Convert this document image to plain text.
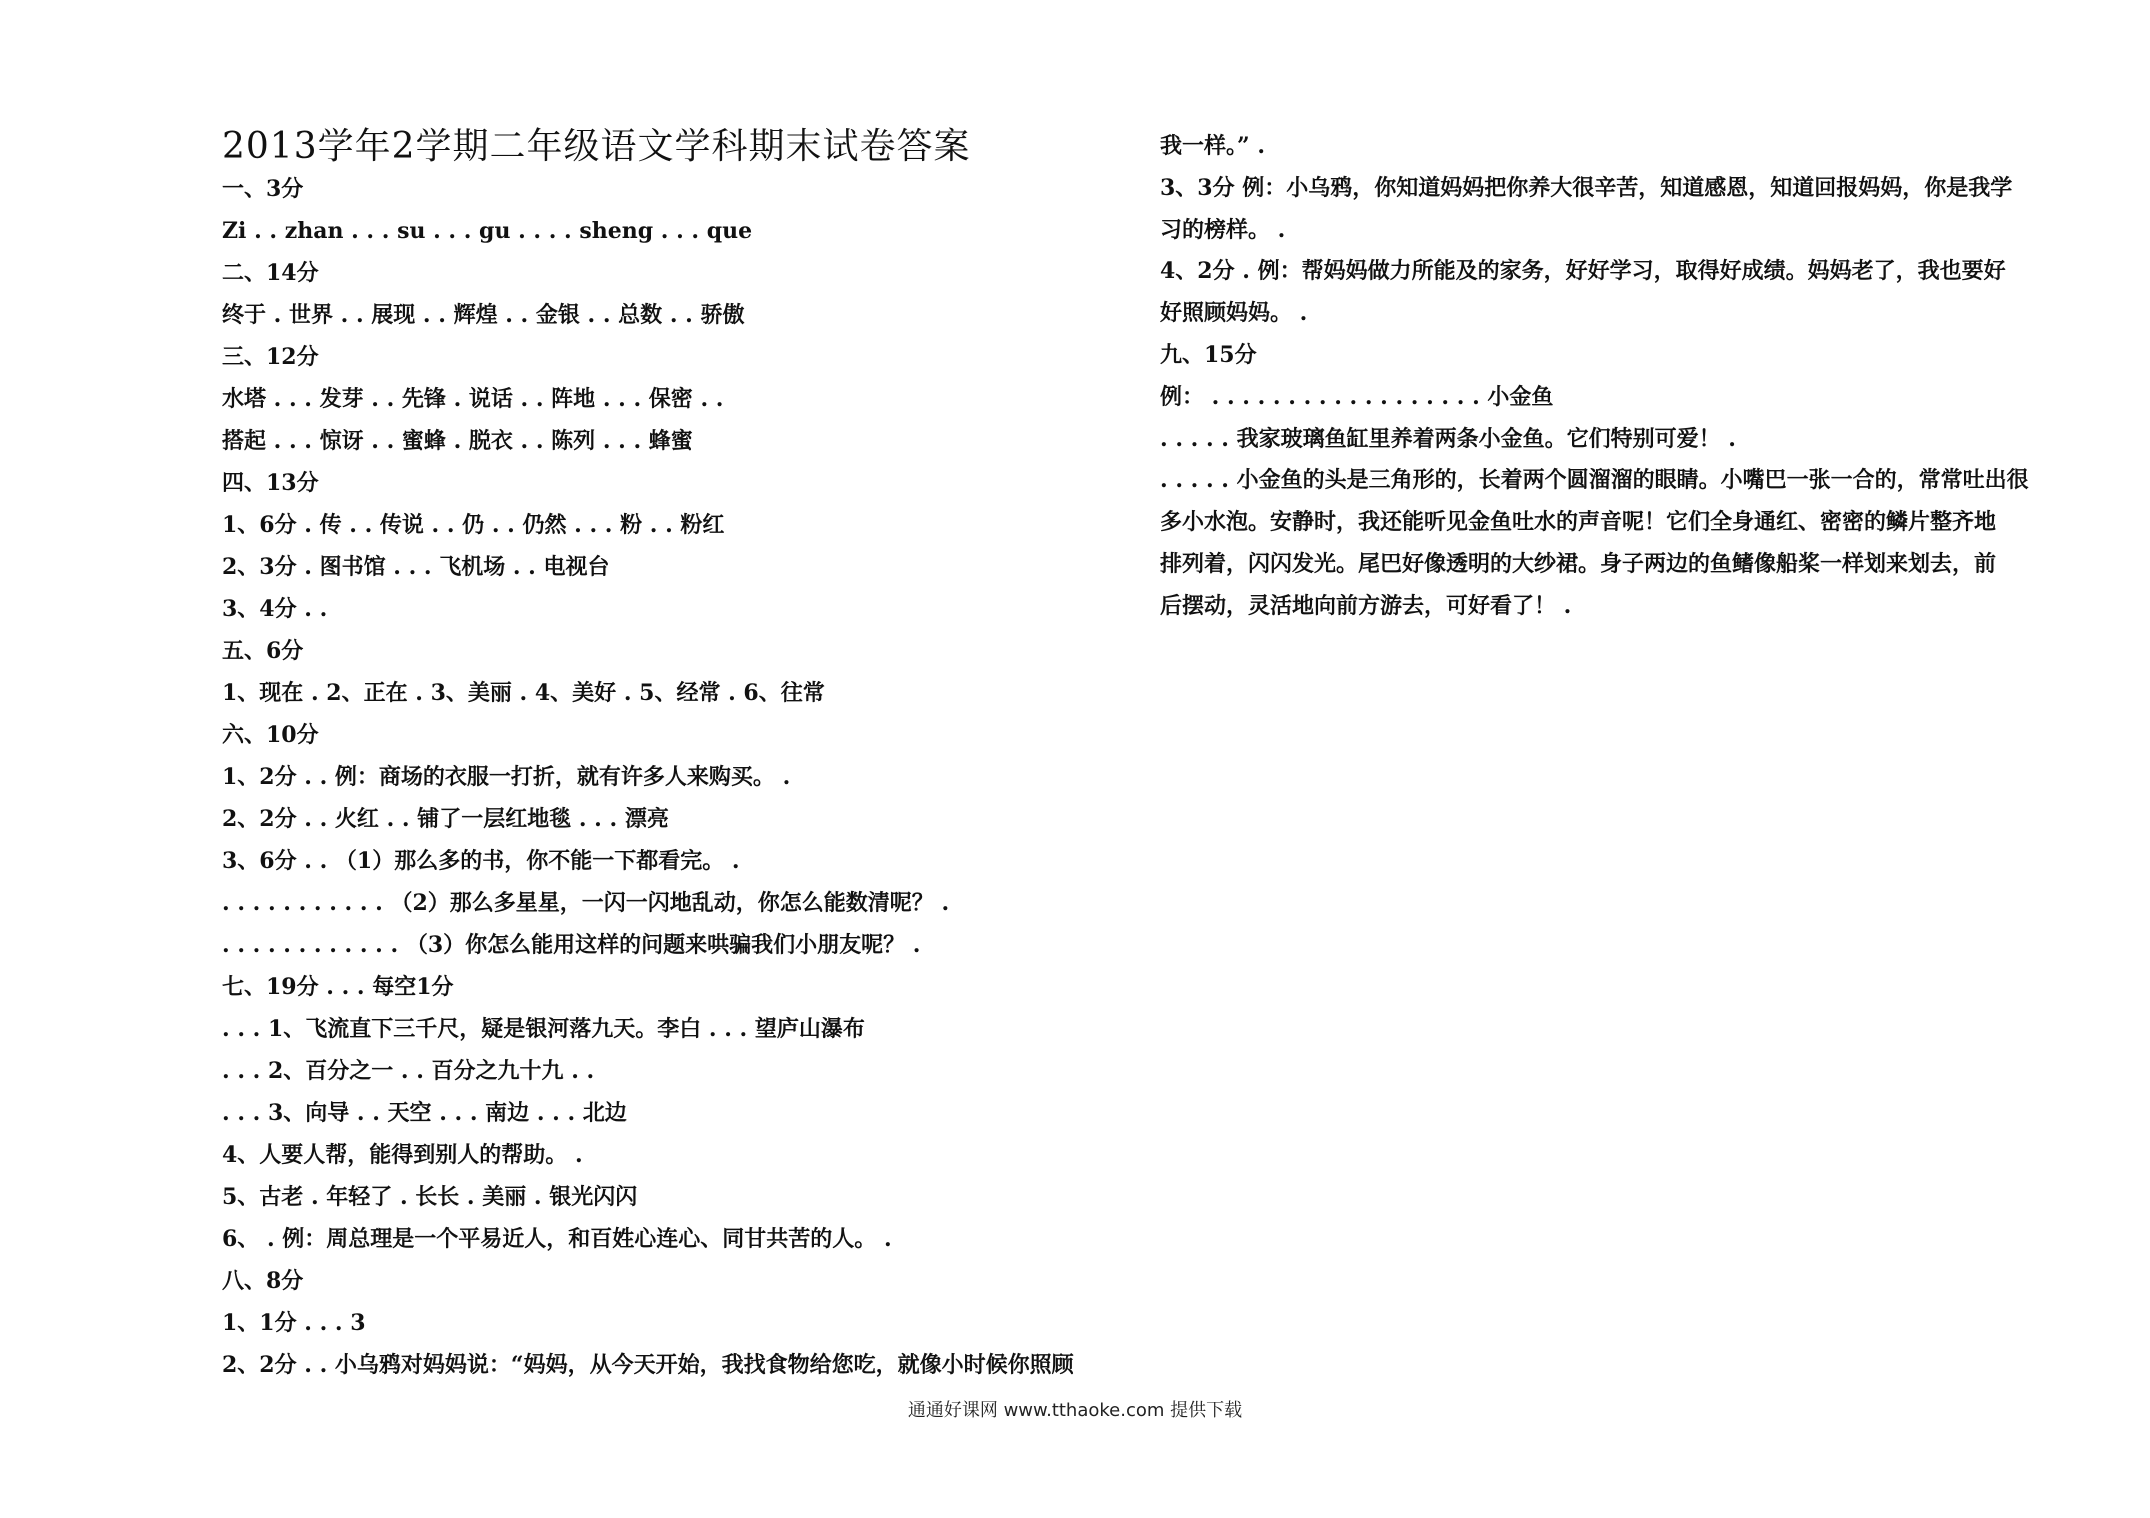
2013学年2学期二年级语文学科期末试卷答案
一、3分
Zi . . zhan . . . su . . . gu . . . . sheng . . . que
二、14分
终于 . 世界 . . 展现 . . 辉煌 . . 金银 . . 总数 . . 骄傲
三、12分
水塔 . . . 发芽 . . 先锋 . 说话 . . 阵地 . . . 保密 . .
搭起 . . . 惊讶 . . 蜜蜂 . 脱衣 . . 陈列 . . . 蜂蜜
四、13分
1、6分 . 传 . . 传说 . . 仍 . . 仍然 . . . 粉 . . 粉红
2、3分 . 图书馆 . . . 飞机场 . . 电视台
3、4分 . .
五、6分
1、现在 . 2、正在 . 3、美丽 . 4、美好 . 5、经常 . 6、往常
六、10分
1、2分 . . 例：商场的衣服一打折，就有许多人来购买。 .
2、2分 . . 火红 . . 铺了一层红地毯 . . . 漂亮
3、6分 . . （1）那么多的书，你不能一下都看完。 .
. . . . . . . . . . . （2）那么多星星，一闪一闪地乱动，你怎么能数清呢？ .
. . . . . . . . . . . . （3）你怎么能用这样的问题来哄骗我们小朋友呢？ .
七、19分 . . . 每空1分
. . . 1、飞流直下三千尺，疑是银河落九天。李白 . . . 望庐山瀑布
. . . 2、百分之一 . . 百分之九十九 . .
. . . 3、向导 . . 天空 . . . 南边 . . . 北边
4、人要人帮，能得到别人的帮助。 .
5、古老 . 年轻了 . 长长 . 美丽 . 银光闪闪
6、 . 例：周总理是一个平易近人，和百姓心连心、同甘共苦的人。 .
八、8分
1、1分 . . . 3
2、2分 . . 小乌鸦对妈妈说：“妈妈，从今天开始，我找食物给您吃，就像小时候你照顾
我一样。” .
3、3分 例：小乌鸦，你知道妈妈把你养大很辛苦，知道感恩，知道回报妈妈，你是我学
习的榜样。 .
4、2分 . 例：帮妈妈做力所能及的家务，好好学习，取得好成绩。妈妈老了，我也要好
好照顾妈妈。 .
九、15分
例： . . . . . . . . . . . . . . . . . . 小金鱼
. . . . . 我家玻璃鱼缸里养着两条小金鱼。它们特别可爱！ .
. . . . . 小金鱼的头是三角形的，长着两个圆溜溜的眼睛。小嘴巴一张一合的，常常吐出很
多小水泡。安静时，我还能听见金鱼吐水的声音呢！它们全身通红、密密的鳞片整齐地
排列着，闪闪发光。尾巴好像透明的大纱裙。身子两边的鱼鳍像船桨一样划来划去，前
后摆动，灵活地向前方游去，可好看了！ .
通通好课网 www.tthaoke.com 提供下载
